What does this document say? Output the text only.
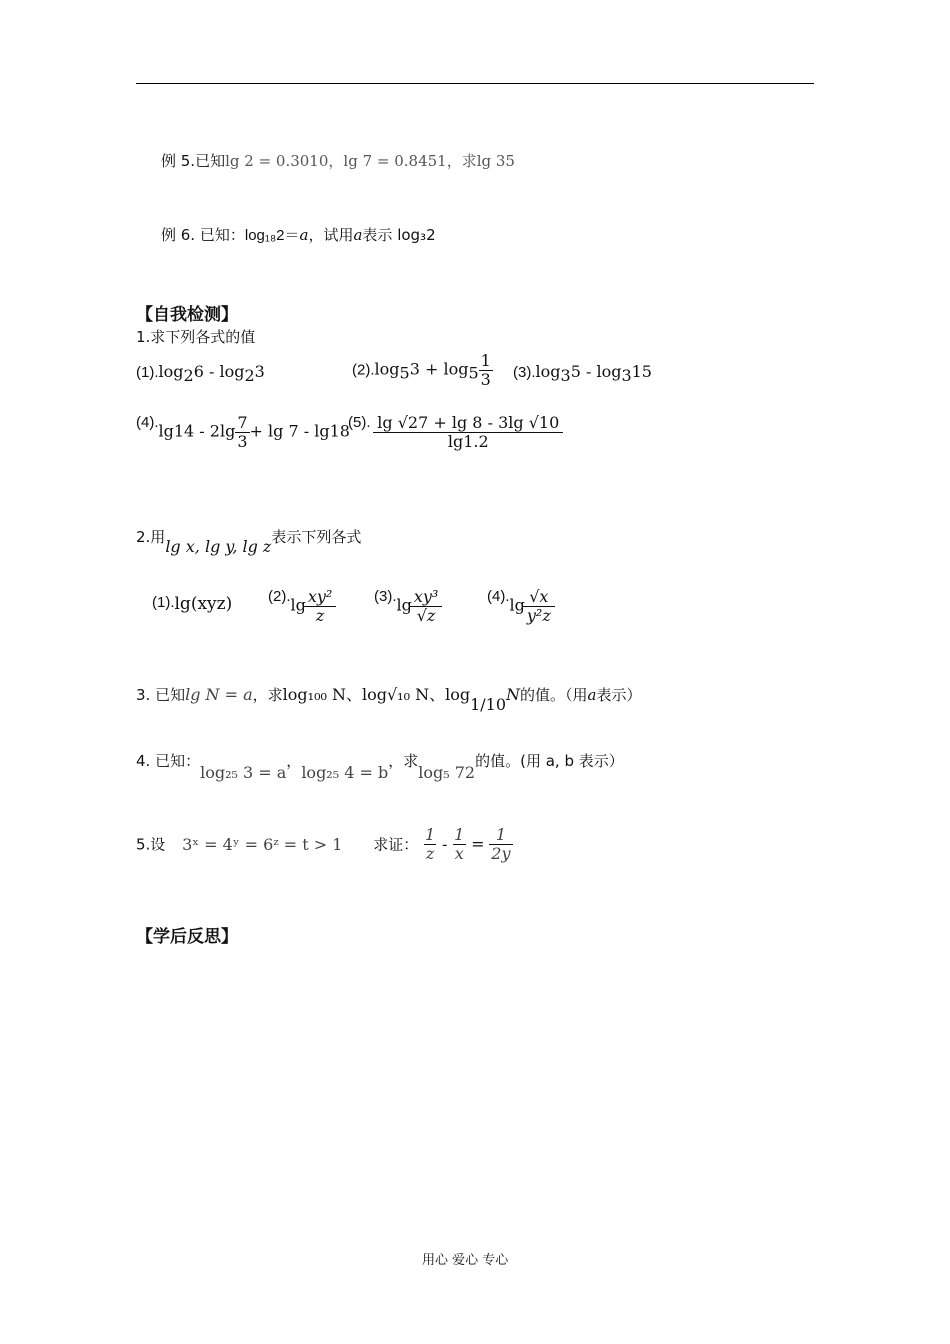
例 5.已知lg 2 = 0.3010，lg 7 = 0.8451，求lg 35
例 6. 已知：log₁₈2＝a，试用a表示 log₃2
【自我检测】
1.求下列各式的值
$(1).\log_26 - \log_23$	$(2).\log_53 + \log_5 \frac{1}{3} (3).\log_35 - \log_315$
$(4).\lg 14 - 2\lg \frac{7}{3} + \lg 7 - \lg 18$
(5). $\frac{\lg √27 + \lg 8 - 3\lg √10}{\lg 1.2}$
2.用lg x, lg y, lg z表示下列各式
(1).lg(xyz) $(2).\lg \frac{\text{xy²}}{z}$	$(3).\lg \frac{\text{xy³}}{√z}$	$(4).\lg \frac{√x}{\text{y²z}}$
3. 已知lg N = a，求log₁₀₀ N、log√₁₀ N、$\log_{1/10}N$的值。（用a表示）
4. 已知：log₂₅ 3 = a，log₂₅ 4 = b，求log₅ 72的值。(用 a, b 表示）
5.设 3ˣ = 4ʸ = 6ᶻ = t > 1 求证： $\frac{1}{z} - \frac{1}{x} = \frac{1}{2y}$
【学后反思】
用心 爱心 专心
